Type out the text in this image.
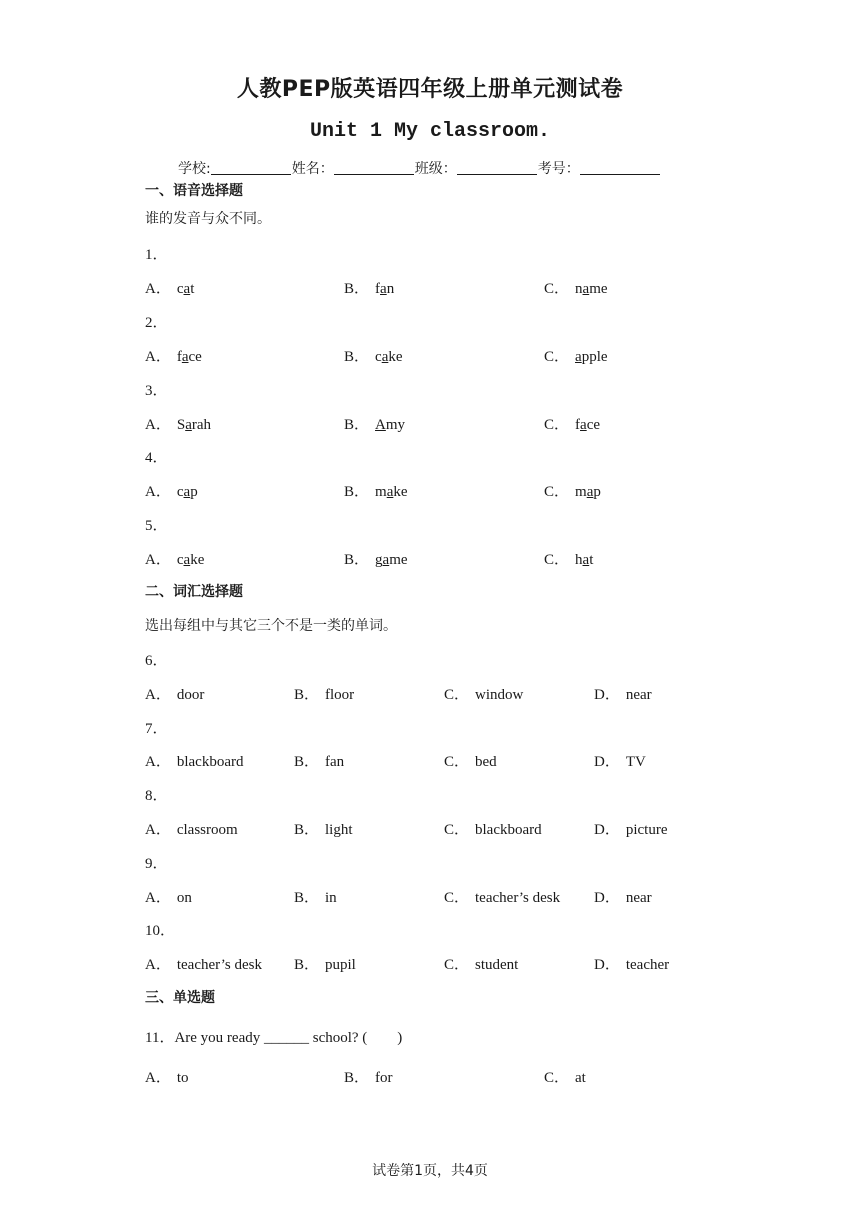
人教PEP版英语四年级上册单元测试卷
Unit 1 My classroom.
学校:	姓名：	班级：	考号：
一、语音选择题
谁的发音与众不同。
1．
A． cat	B． fan	C． name
2．
A． face	B． cake	C． apple
3．
A． Sarah	B． Amy	C． face
4．
A． cap	B． make	C． map
5．
A． cake	B． game	C． hat
二、词汇选择题
选出每组中与其它三个不是一类的单词。
6．
A． door	B． floor	C． window	D． near
7．
A． blackboard	B． fan	C． bed	D． TV
8．
A． classroom	B． light	C． blackboard	D． picture
9．
A． on	B． in	C． teacher’s desk D． near
10．
A． teacher’s desk B． pupil	C． student	D． teacher
三、单选题
11．Are you ready ______ school? (　　)
A． to	B． for	C． at
试卷第1页，共4页
